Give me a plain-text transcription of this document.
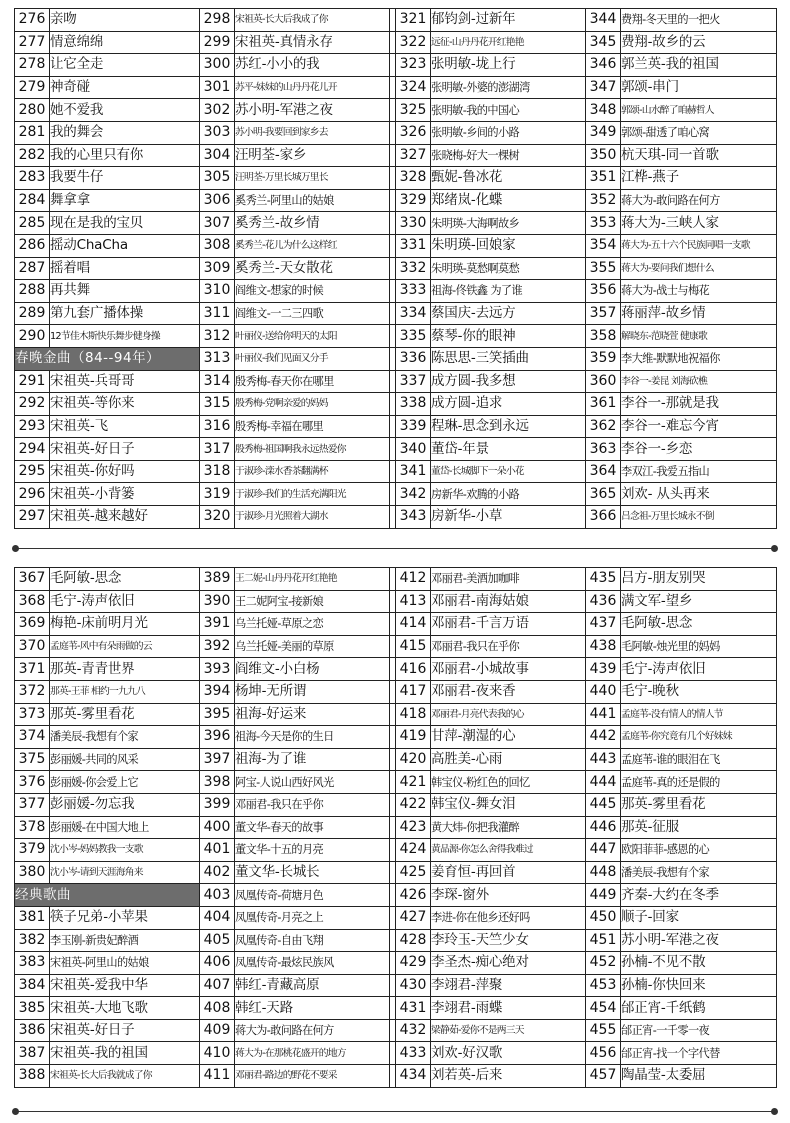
276	亲吻	298	宋祖英-长大后我成了你		321	郁钧剑-过新年	344	费翔-冬天里的一把火
277	情意绵绵	299	宋祖英-真情永存		322	远征-山丹丹花开红艳艳	345	费翔-故乡的云
278	让它全走	300	苏红-小小的我		323	张明敏-垅上行	346	郭兰英-我的祖国
279	神奇碰	301	苏平-妹妹的山丹丹花儿开		324	张明敏-外婆的澎湖湾	347	郭颂-串门
280	她不爱我	302	苏小明-军港之夜		325	张明敏-我的中国心	348	郭颂-山水醉了咱赫哲人
281	我的舞会	303	苏小明-我要回到家乡去		326	张明敏-乡间的小路	349	郭颂-甜透了咱心窝
282	我的心里只有你	304	汪明荃-家乡		327	张晓梅-好大一棵树	350	杭天琪-同一首歌
283	我要牛仔	305	汪明荃-万里长城万里长		328	甄妮-鲁冰花	351	江桦-燕子
284	舞拿拿	306	奚秀兰-阿里山的姑娘		329	郑绪岚-化蝶	352	蒋大为-敢问路在何方
285	现在是我的宝贝	307	奚秀兰-故乡情		330	朱明瑛-大海啊故乡	353	蒋大为-三峡人家
286	摇动ChaCha	308	奚秀兰-花儿为什么这样红		331	朱明瑛-回娘家	354	蒋大为-五十六个民族同唱一支歌
287	摇着唱	309	奚秀兰-天女散花		332	朱明瑛-莫愁啊莫愁	355	蒋大为-要问我们想什么
288	再共舞	310	阎维文-想家的时候		333	祖海-佟铁鑫 为了谁	356	蒋大为-战士与梅花
289	第九套广播体操	311	阎维文-一二三四歌		334	蔡国庆-去远方	357	蒋丽萍-故乡情
290	12节佳木斯快乐舞步健身操	312	叶丽仪-送给你明天的太阳		335	蔡琴-你的眼神	358	解晓东-范晓萱 健康歌
春晚金曲（84--94年）		313	叶丽仪-我们见面又分手		336	陈思思-三笑插曲	359	李大维-默默地祝福你
291	宋祖英-兵哥哥	314	殷秀梅-春天你在哪里		337	成方圆-我多想	360	李谷一-姜昆 刘海砍樵
292	宋祖英-等你来	315	殷秀梅-党啊亲爱的妈妈		338	成方圆-追求	361	李谷一-那就是我
293	宋祖英-飞	316	殷秀梅-幸福在哪里		339	程琳-思念到永远	362	李谷一-难忘今宵
294	宋祖英-好日子	317	殷秀梅-祖国啊我永远热爱你		340	董岱-年景	363	李谷一-乡恋
295	宋祖英-你好吗	318	于淑珍-滦水香茶翻满杯		341	董岱-长城脚下一朵小花	364	李双江-我爱五指山
296	宋祖英-小背篓	319	于淑珍-我们的生活充满阳光		342	房新华-欢腾的小路	365	刘欢- 从头再来
297	宋祖英-越来越好	320	于淑珍-月光照着大湖水		343	房新华-小草	366	吕念祖-万里长城永不倒
367	毛阿敏-思念	389	王二妮-山丹丹花开红艳艳		412	邓丽君-美酒加咖啡	435	吕方-朋友别哭
368	毛宁-涛声依旧	390	王二妮阿宝-接新娘		413	邓丽君-南海姑娘	436	满文军-望乡
369	梅艳-床前明月光	391	乌兰托娅-草原之恋		414	邓丽君-千言万语	437	毛阿敏-思念
370	孟庭苇-风中有朵雨做的云	392	乌兰托娅-美丽的草原		415	邓丽君-我只在乎你	438	毛阿敏-烛光里的妈妈
371	那英-青青世界	393	阎维文-小白杨		416	邓丽君-小城故事	439	毛宁-涛声依旧
372	那英-王菲 相约一九九八	394	杨坤-无所谓		417	邓丽君-夜来香	440	毛宁-晚秋
373	那英-雾里看花	395	祖海-好运来		418	邓丽君-月亮代表我的心	441	孟庭苇-没有情人的情人节
374	潘美辰-我想有个家	396	祖海-今天是你的生日		419	甘萍-潮湿的心	442	孟庭苇-你究竟有几个好妹妹
375	彭丽媛-共同的风采	397	祖海-为了谁		420	高胜美-心雨	443	孟庭苇-谁的眼泪在飞
376	彭丽媛-你会爱上它	398	阿宝-人说山西好风光		421	韩宝仪-粉红色的回忆	444	孟庭苇-真的还是假的
377	彭丽媛-勿忘我	399	邓丽君-我只在乎你		422	韩宝仪-舞女泪	445	那英-雾里看花
378	彭丽媛-在中国大地上	400	董文华-春天的故事		423	黄大炜-你把我灌醉	446	那英-征服
379	沈小岑-妈妈教我一支歌	401	董文华-十五的月亮		424	黄品源-你怎么舍得我难过	447	欧阳菲菲-感恩的心
380	沈小岑-请到天涯海角来	402	董文华-长城长		425	姜育恒-再回首	448	潘美辰-我想有个家
经典歌曲		403	凤凰传奇-荷塘月色		426	李琛-窗外	449	齐秦-大约在冬季
381	筷子兄弟-小苹果	404	凤凰传奇-月亮之上		427	李进-你在他乡还好吗	450	顺子-回家
382	李玉刚-新贵妃醉酒	405	凤凰传奇-自由飞翔		428	李玲玉-天竺少女	451	苏小明-军港之夜
383	宋祖英-阿里山的姑娘	406	凤凰传奇-最炫民族风		429	李圣杰-痴心绝对	452	孙楠-不见不散
384	宋祖英-爱我中华	407	韩红-青藏高原		430	李翊君-萍聚	453	孙楠-你快回来
385	宋祖英-大地飞歌	408	韩红-天路		431	李翊君-雨蝶	454	邰正宵-千纸鹤
386	宋祖英-好日子	409	蒋大为-敢问路在何方		432	梁静茹-爱你不是两三天	455	邰正宵-一千零一夜
387	宋祖英-我的祖国	410	蒋大为-在那桃花盛开的地方		433	刘欢-好汉歌	456	邰正宵-找一个字代替
388	宋祖英-长大后我就成了你	411	邓丽君-路边的野花不要采		434	刘若英-后来	457	陶晶莹-太委屈
